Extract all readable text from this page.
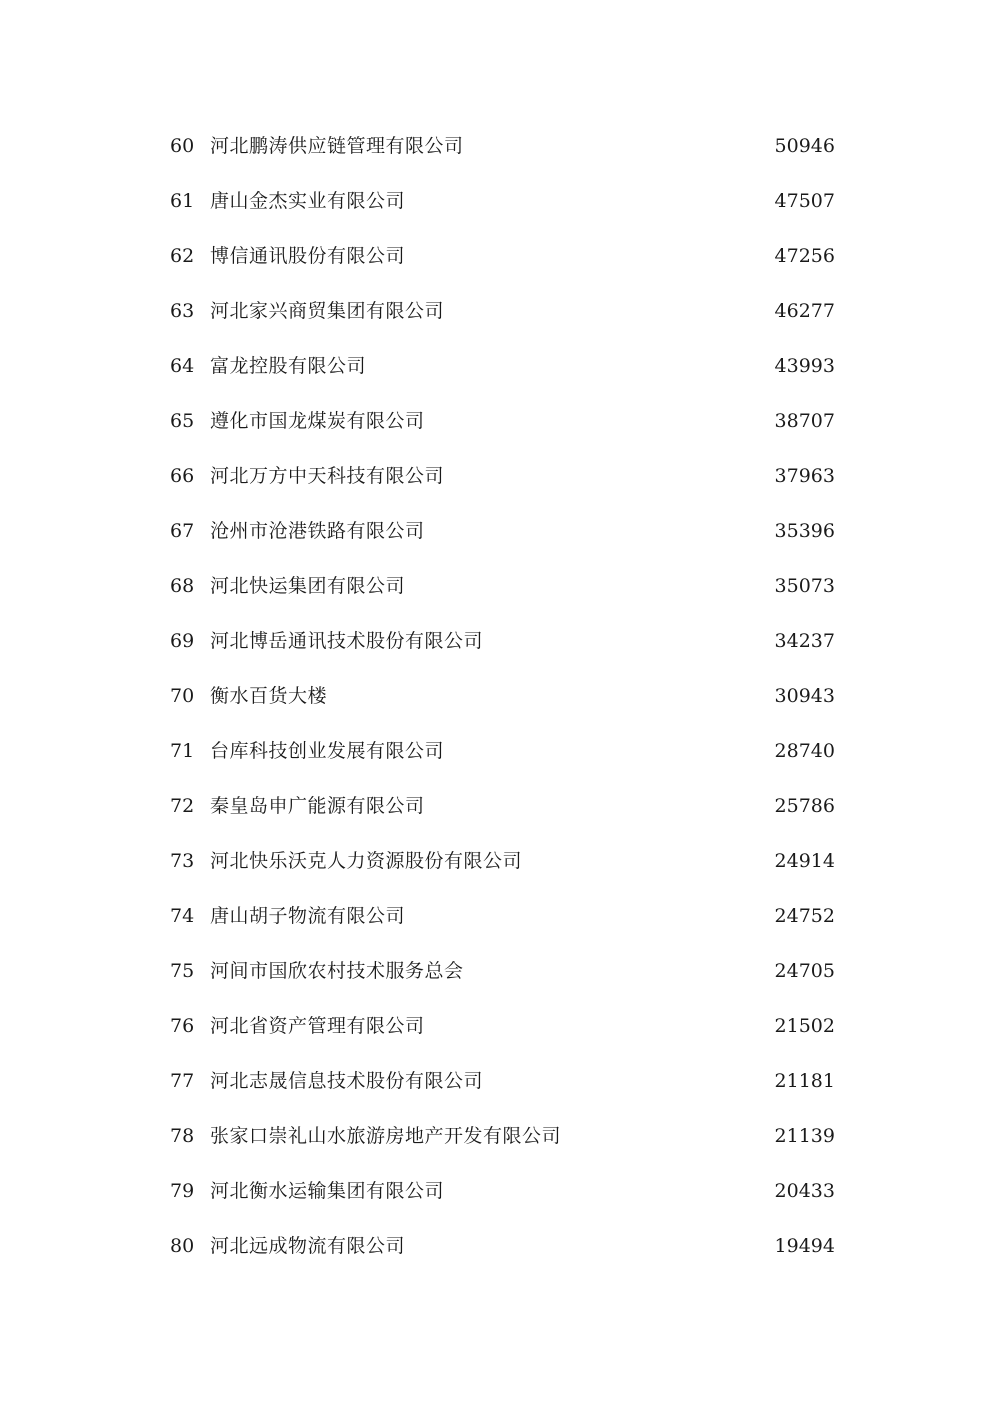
60 河北鹏涛供应链管理有限公司	50946
61 唐山金杰实业有限公司	47507
62 博信通讯股份有限公司	47256
63 河北家兴商贸集团有限公司	46277
64 富龙控股有限公司	43993
65 遵化市国龙煤炭有限公司	38707
66 河北万方中天科技有限公司	37963
67 沧州市沧港铁路有限公司	35396
68 河北快运集团有限公司	35073
69 河北博岳通讯技术股份有限公司	34237
70 衡水百货大楼	30943
71 台库科技创业发展有限公司	28740
72 秦皇岛申广能源有限公司	25786
73 河北快乐沃克人力资源股份有限公司	24914
74 唐山胡子物流有限公司	24752
75 河间市国欣农村技术服务总会	24705
76 河北省资产管理有限公司	21502
77 河北志晟信息技术股份有限公司	21181
78 张家口崇礼山水旅游房地产开发有限公司	21139
79 河北衡水运输集团有限公司	20433
80 河北远成物流有限公司	19494
